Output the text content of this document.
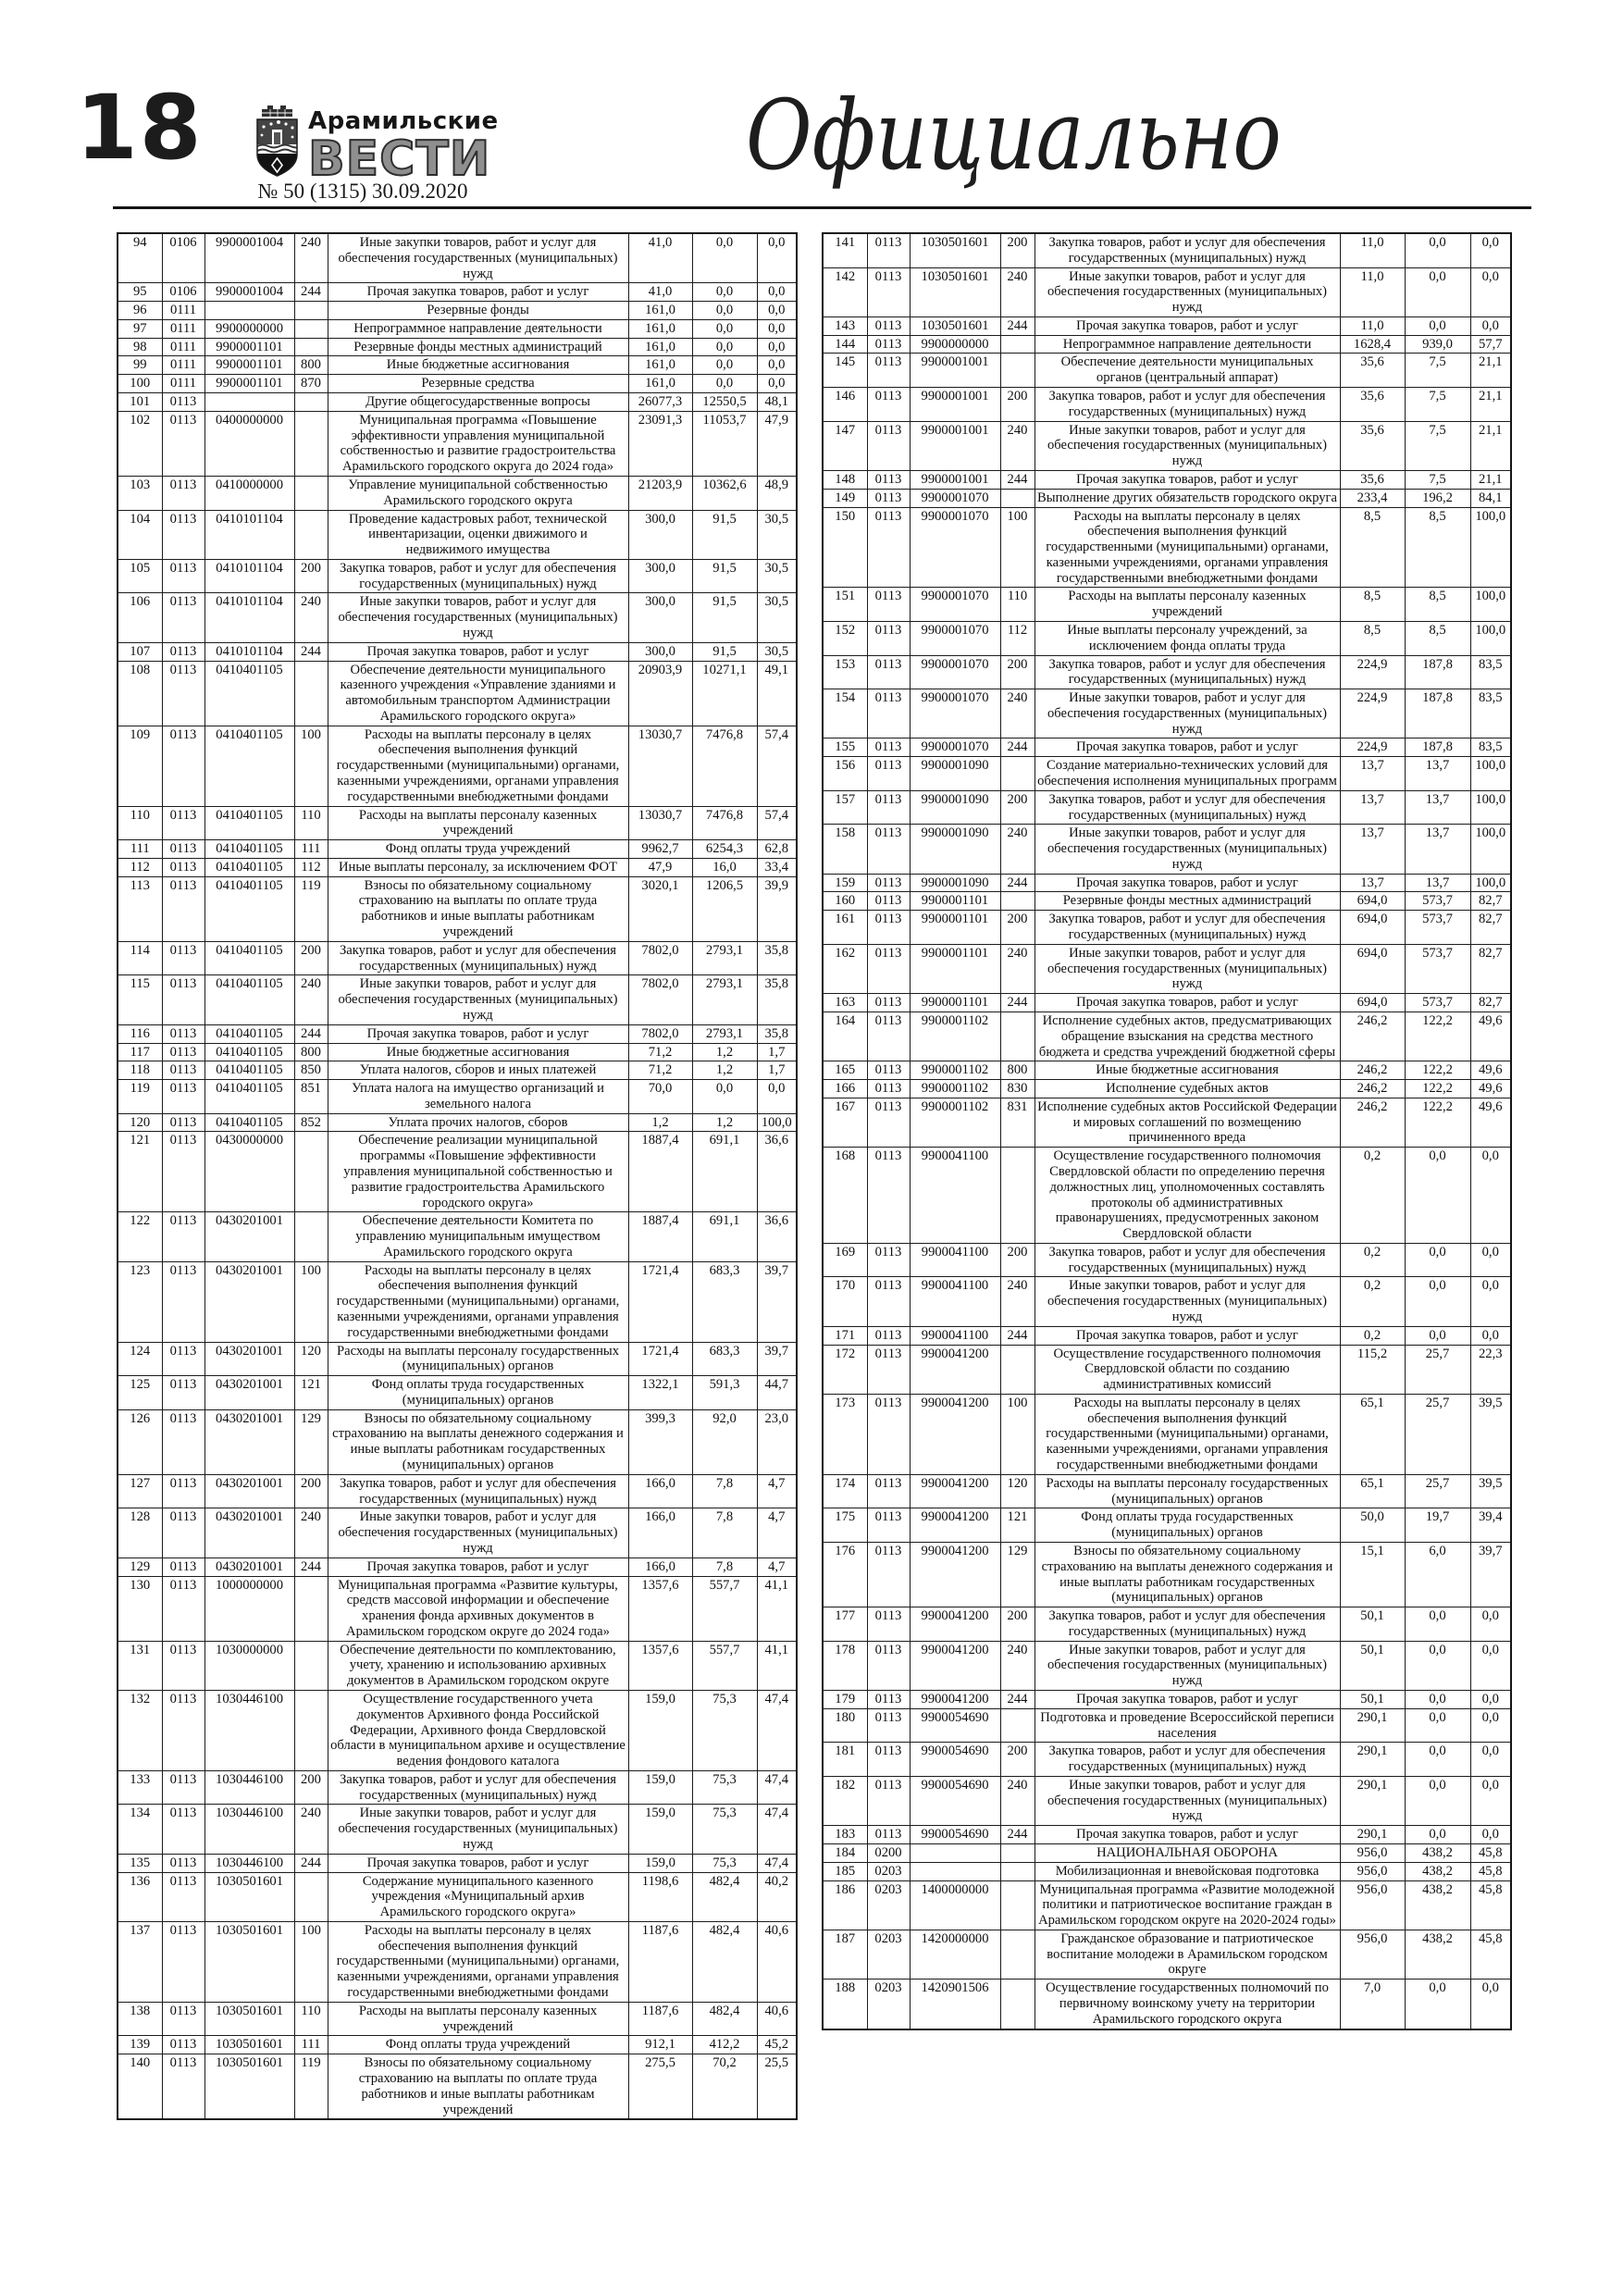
18	Арамильские
ВЕСТИ
№ 50 (1315) 30.09.2020	Официально
94	0106	9900001004	240	Иные закупки товаров, работ и услуг для обеспечения государственных (муниципальных) нужд	41,0	0,0	0,0
95	0106	9900001004	244	Прочая закупка товаров, работ и услуг	41,0	0,0	0,0
96	0111			Резервные фонды	161,0	0,0	0,0
97	0111	9900000000		Непрограммное направление деятельности	161,0	0,0	0,0
98	0111	9900001101		Резервные фонды местных администраций	161,0	0,0	0,0
99	0111	9900001101	800	Иные бюджетные ассигнования	161,0	0,0	0,0
100	0111	9900001101	870	Резервные средства	161,0	0,0	0,0
101	0113			Другие общегосударственные вопросы	26077,3	12550,5	48,1
102	0113	0400000000		Муниципальная программа «Повышение эффективности управления муниципальной собственностью и развитие градостроительства Арамильского городского округа до 2024 года»	23091,3	11053,7	47,9
103	0113	0410000000		Управление муниципальной собственностью Арамильского городского округа	21203,9	10362,6	48,9
104	0113	0410101104		Проведение кадастровых работ, технической инвентаризации, оценки движимого и недвижимого имущества	300,0	91,5	30,5
105	0113	0410101104	200	Закупка товаров, работ и услуг для обеспечения государственных (муниципальных) нужд	300,0	91,5	30,5
106	0113	0410101104	240	Иные закупки товаров, работ и услуг для обеспечения государственных (муниципальных) нужд	300,0	91,5	30,5
107	0113	0410101104	244	Прочая закупка товаров, работ и услуг	300,0	91,5	30,5
108	0113	0410401105		Обеспечение деятельности муниципального казенного учреждения «Управление зданиями и автомобильным транспортом Администрации Арамильского городского округа»	20903,9	10271,1	49,1
109	0113	0410401105	100	Расходы на выплаты персоналу в целях обеспечения выполнения функций государственными (муниципальными) органами, казенными учреждениями, органами управления государственными внебюджетными фондами	13030,7	7476,8	57,4
110	0113	0410401105	110	Расходы на выплаты персоналу казенных учреждений	13030,7	7476,8	57,4
111	0113	0410401105	111	Фонд оплаты труда учреждений	9962,7	6254,3	62,8
112	0113	0410401105	112	Иные выплаты персоналу, за исключением ФОТ	47,9	16,0	33,4
113	0113	0410401105	119	Взносы по обязательному социальному страхованию на выплаты по оплате труда работников и иные выплаты работникам учреждений	3020,1	1206,5	39,9
114	0113	0410401105	200	Закупка товаров, работ и услуг для обеспечения государственных (муниципальных) нужд	7802,0	2793,1	35,8
115	0113	0410401105	240	Иные закупки товаров, работ и услуг для обеспечения государственных (муниципальных) нужд	7802,0	2793,1	35,8
116	0113	0410401105	244	Прочая закупка товаров, работ и услуг	7802,0	2793,1	35,8
117	0113	0410401105	800	Иные бюджетные ассигнования	71,2	1,2	1,7
118	0113	0410401105	850	Уплата налогов, сборов и иных платежей	71,2	1,2	1,7
119	0113	0410401105	851	Уплата налога на имущество организаций и земельного налога	70,0	0,0	0,0
120	0113	0410401105	852	Уплата прочих налогов, сборов	1,2	1,2	100,0
121	0113	0430000000		Обеспечение реализации муниципальной программы «Повышение эффективности управления муниципальной собственностью и развитие градостроительства Арамильского городского округа»	1887,4	691,1	36,6
122	0113	0430201001		Обеспечение деятельности Комитета по управлению муниципальным имуществом Арамильского городского округа	1887,4	691,1	36,6
123	0113	0430201001	100	Расходы на выплаты персоналу в целях обеспечения выполнения функций государственными (муниципальными) органами, казенными учреждениями, органами управления государственными внебюджетными фондами	1721,4	683,3	39,7
124	0113	0430201001	120	Расходы на выплаты персоналу государственных (муниципальных) органов	1721,4	683,3	39,7
125	0113	0430201001	121	Фонд оплаты труда государственных (муниципальных) органов	1322,1	591,3	44,7
126	0113	0430201001	129	Взносы по обязательному социальному страхованию на выплаты денежного содержания и иные выплаты работникам государственных (муниципальных) органов	399,3	92,0	23,0
127	0113	0430201001	200	Закупка товаров, работ и услуг для обеспечения государственных (муниципальных) нужд	166,0	7,8	4,7
128	0113	0430201001	240	Иные закупки товаров, работ и услуг для обеспечения государственных (муниципальных) нужд	166,0	7,8	4,7
129	0113	0430201001	244	Прочая закупка товаров, работ и услуг	166,0	7,8	4,7
130	0113	1000000000		Муниципальная программа «Развитие культуры, средств массовой информации и обеспечение хранения фонда архивных документов в Арамильском городском округе до 2024 года»	1357,6	557,7	41,1
131	0113	1030000000		Обеспечение деятельности по комплектованию, учету, хранению и использованию архивных документов в Арамильском городском округе	1357,6	557,7	41,1
132	0113	1030446100		Осуществление государственного учета документов Архивного фонда Российской Федерации, Архивного фонда Свердловской области в муниципальном архиве и осуществление ведения фондового каталога	159,0	75,3	47,4
133	0113	1030446100	200	Закупка товаров, работ и услуг для обеспечения государственных (муниципальных) нужд	159,0	75,3	47,4
134	0113	1030446100	240	Иные закупки товаров, работ и услуг для обеспечения государственных (муниципальных) нужд	159,0	75,3	47,4
135	0113	1030446100	244	Прочая закупка товаров, работ и услуг	159,0	75,3	47,4
136	0113	1030501601		Содержание муниципального казенного учреждения «Муниципальный архив Арамильского городского округа»	1198,6	482,4	40,2
137	0113	1030501601	100	Расходы на выплаты персоналу в целях обеспечения выполнения функций государственными (муниципальными) органами, казенными учреждениями, органами управления государственными внебюджетными фондами	1187,6	482,4	40,6
138	0113	1030501601	110	Расходы на выплаты персоналу казенных учреждений	1187,6	482,4	40,6
139	0113	1030501601	111	Фонд оплаты труда учреждений	912,1	412,2	45,2
140	0113	1030501601	119	Взносы по обязательному социальному страхованию на выплаты по оплате труда работников и иные выплаты работникам учреждений	275,5	70,2	25,5
141	0113	1030501601	200	Закупка товаров, работ и услуг для обеспечения государственных (муниципальных) нужд	11,0	0,0	0,0
142	0113	1030501601	240	Иные закупки товаров, работ и услуг для обеспечения государственных (муниципальных) нужд	11,0	0,0	0,0
143	0113	1030501601	244	Прочая закупка товаров, работ и услуг	11,0	0,0	0,0
144	0113	9900000000		Непрограммное направление деятельности	1628,4	939,0	57,7
145	0113	9900001001		Обеспечение деятельности муниципальных органов (центральный аппарат)	35,6	7,5	21,1
146	0113	9900001001	200	Закупка товаров, работ и услуг для обеспечения государственных (муниципальных) нужд	35,6	7,5	21,1
147	0113	9900001001	240	Иные закупки товаров, работ и услуг для обеспечения государственных (муниципальных) нужд	35,6	7,5	21,1
148	0113	9900001001	244	Прочая закупка товаров, работ и услуг	35,6	7,5	21,1
149	0113	9900001070		Выполнение других обязательств городского округа	233,4	196,2	84,1
150	0113	9900001070	100	Расходы на выплаты персоналу в целях обеспечения выполнения функций государственными (муниципальными) органами, казенными учреждениями, органами управления государственными внебюджетными фондами	8,5	8,5	100,0
151	0113	9900001070	110	Расходы на выплаты персоналу казенных учреждений	8,5	8,5	100,0
152	0113	9900001070	112	Иные выплаты персоналу учреждений, за исключением фонда оплаты труда	8,5	8,5	100,0
153	0113	9900001070	200	Закупка товаров, работ и услуг для обеспечения государственных (муниципальных) нужд	224,9	187,8	83,5
154	0113	9900001070	240	Иные закупки товаров, работ и услуг для обеспечения государственных (муниципальных) нужд	224,9	187,8	83,5
155	0113	9900001070	244	Прочая закупка товаров, работ и услуг	224,9	187,8	83,5
156	0113	9900001090		Создание материально-технических условий для обеспечения исполнения муниципальных программ	13,7	13,7	100,0
157	0113	9900001090	200	Закупка товаров, работ и услуг для обеспечения государственных (муниципальных) нужд	13,7	13,7	100,0
158	0113	9900001090	240	Иные закупки товаров, работ и услуг для обеспечения государственных (муниципальных) нужд	13,7	13,7	100,0
159	0113	9900001090	244	Прочая закупка товаров, работ и услуг	13,7	13,7	100,0
160	0113	9900001101		Резервные фонды местных администраций	694,0	573,7	82,7
161	0113	9900001101	200	Закупка товаров, работ и услуг для обеспечения государственных (муниципальных) нужд	694,0	573,7	82,7
162	0113	9900001101	240	Иные закупки товаров, работ и услуг для обеспечения государственных (муниципальных) нужд	694,0	573,7	82,7
163	0113	9900001101	244	Прочая закупка товаров, работ и услуг	694,0	573,7	82,7
164	0113	9900001102		Исполнение судебных актов, предусматривающих обращение взыскания на средства местного бюджета и средства учреждений бюджетной сферы	246,2	122,2	49,6
165	0113	9900001102	800	Иные бюджетные ассигнования	246,2	122,2	49,6
166	0113	9900001102	830	Исполнение судебных актов	246,2	122,2	49,6
167	0113	9900001102	831	Исполнение судебных актов Российской Федерации и мировых соглашений по возмещению причиненного вреда	246,2	122,2	49,6
168	0113	9900041100		Осуществление государственного полномочия Свердловской области по определению перечня должностных лиц, уполномоченных составлять протоколы об административных правонарушениях, предусмотренных законом Свердловской области	0,2	0,0	0,0
169	0113	9900041100	200	Закупка товаров, работ и услуг для обеспечения государственных (муниципальных) нужд	0,2	0,0	0,0
170	0113	9900041100	240	Иные закупки товаров, работ и услуг для обеспечения государственных (муниципальных) нужд	0,2	0,0	0,0
171	0113	9900041100	244	Прочая закупка товаров, работ и услуг	0,2	0,0	0,0
172	0113	9900041200		Осуществление государственного полномочия Свердловской области по созданию административных комиссий	115,2	25,7	22,3
173	0113	9900041200	100	Расходы на выплаты персоналу в целях обеспечения выполнения функций государственными (муниципальными) органами, казенными учреждениями, органами управления государственными внебюджетными фондами	65,1	25,7	39,5
174	0113	9900041200	120	Расходы на выплаты персоналу государственных (муниципальных) органов	65,1	25,7	39,5
175	0113	9900041200	121	Фонд оплаты труда государственных (муниципальных) органов	50,0	19,7	39,4
176	0113	9900041200	129	Взносы по обязательному социальному страхованию на выплаты денежного содержания и иные выплаты работникам государственных (муниципальных) органов	15,1	6,0	39,7
177	0113	9900041200	200	Закупка товаров, работ и услуг для обеспечения государственных (муниципальных) нужд	50,1	0,0	0,0
178	0113	9900041200	240	Иные закупки товаров, работ и услуг для обеспечения государственных (муниципальных) нужд	50,1	0,0	0,0
179	0113	9900041200	244	Прочая закупка товаров, работ и услуг	50,1	0,0	0,0
180	0113	9900054690		Подготовка и проведение Всероссийской переписи населения	290,1	0,0	0,0
181	0113	9900054690	200	Закупка товаров, работ и услуг для обеспечения государственных (муниципальных) нужд	290,1	0,0	0,0
182	0113	9900054690	240	Иные закупки товаров, работ и услуг для обеспечения государственных (муниципальных) нужд	290,1	0,0	0,0
183	0113	9900054690	244	Прочая закупка товаров, работ и услуг	290,1	0,0	0,0
184	0200			НАЦИОНАЛЬНАЯ ОБОРОНА	956,0	438,2	45,8
185	0203			Мобилизационная и вневойсковая подготовка	956,0	438,2	45,8
186	0203	1400000000		Муниципальная программа «Развитие молодежной политики и патриотическое воспитание граждан в Арамильском городском округе на 2020-2024 годы»	956,0	438,2	45,8
187	0203	1420000000		Гражданское образование и патриотическое воспитание молодежи в Арамильском городском округе	956,0	438,2	45,8
188	0203	1420901506		Осуществление государственных полномочий по первичному воинскому учету на территории Арамильского городского округа	7,0	0,0	0,0
